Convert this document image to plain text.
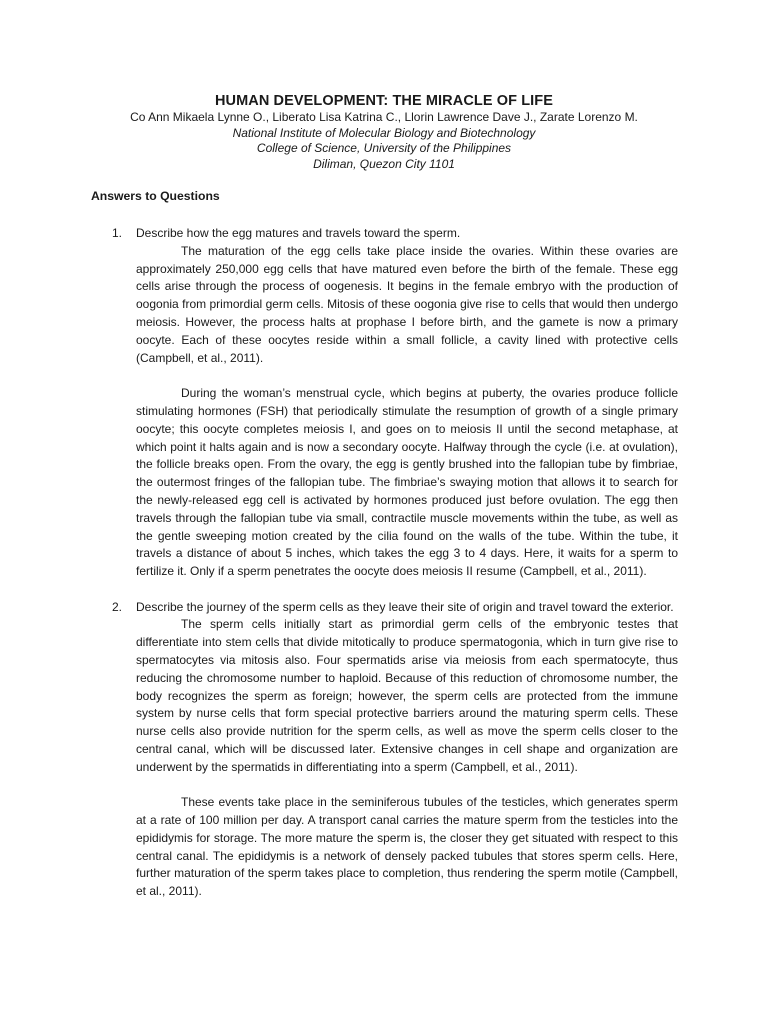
HUMAN DEVELOPMENT: THE MIRACLE OF LIFE

Co Ann Mikaela Lynne O., Liberato Lisa Katrina C., Llorin Lawrence Dave J., Zarate Lorenzo M.

National Institute of Molecular Biology and Biotechnology

College of Science, University of the Philippines

Diliman, Quezon City 1101

Answers to Questions

1. Describe how the egg matures and travels toward the sperm.

The maturation of the egg cells take place inside the ovaries. Within these ovaries are approximately 250,000 egg cells that have matured even before the birth of the female. These egg cells arise through the process of oogenesis. It begins in the female embryo with the production of oogonia from primordial germ cells. Mitosis of these oogonia give rise to cells that would then undergo meiosis. However, the process halts at prophase I before birth, and the gamete is now a primary oocyte. Each of these oocytes reside within a small follicle, a cavity lined with protective cells (Campbell, et al., 2011).

During the woman’s menstrual cycle, which begins at puberty, the ovaries produce follicle stimulating hormones (FSH) that periodically stimulate the resumption of growth of a single primary oocyte; this oocyte completes meiosis I, and goes on to meiosis II until the second metaphase, at which point it halts again and is now a secondary oocyte. Halfway through the cycle (i.e. at ovulation), the follicle breaks open. From the ovary, the egg is gently brushed into the fallopian tube by fimbriae, the outermost fringes of the fallopian tube. The fimbriae’s swaying motion that allows it to search for the newly-released egg cell is activated by hormones produced just before ovulation. The egg then travels through the fallopian tube via small, contractile muscle movements within the tube, as well as the gentle sweeping motion created by the cilia found on the walls of the tube. Within the tube, it travels a distance of about 5 inches, which takes the egg 3 to 4 days. Here, it waits for a sperm to fertilize it. Only if a sperm penetrates the oocyte does meiosis II resume (Campbell, et al., 2011).

2. Describe the journey of the sperm cells as they leave their site of origin and travel toward the exterior.

The sperm cells initially start as primordial germ cells of the embryonic testes that differentiate into stem cells that divide mitotically to produce spermatogonia, which in turn give rise to spermatocytes via mitosis also. Four spermatids arise via meiosis from each spermatocyte, thus reducing the chromosome number to haploid. Because of this reduction of chromosome number, the body recognizes the sperm as foreign; however, the sperm cells are protected from the immune system by nurse cells that form special protective barriers around the maturing sperm cells. These nurse cells also provide nutrition for the sperm cells, as well as move the sperm cells closer to the central canal, which will be discussed later. Extensive changes in cell shape and organization are underwent by the spermatids in differentiating into a sperm (Campbell, et al., 2011).

These events take place in the seminiferous tubules of the testicles, which generates sperm at a rate of 100 million per day. A transport canal carries the mature sperm from the testicles into the epididymis for storage. The more mature the sperm is, the closer they get situated with respect to this central canal. The epididymis is a network of densely packed tubules that stores sperm cells. Here, further maturation of the sperm takes place to completion, thus rendering the sperm motile (Campbell, et al., 2011).
